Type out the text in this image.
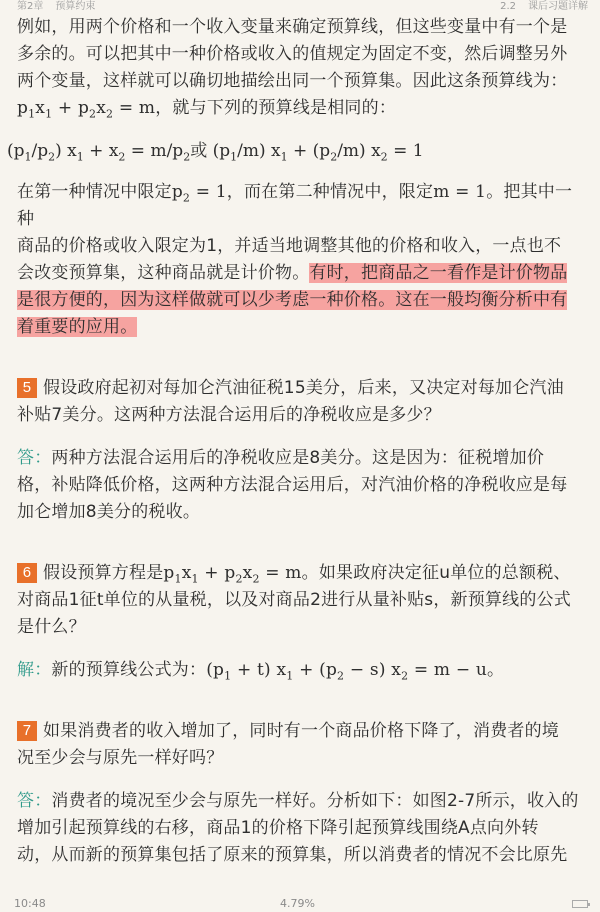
第2章 预算约束	2.2 课后习题详解

例如，用两个价格和一个收入变量来确定预算线，但这些变量中有一个是

多余的。可以把其中一种价格或收入的值规定为固定不变，然后调整另外

两个变量，这样就可以确切地描绘出同一个预算集。因此这条预算线为：

$p_1x_1 + p_2x_2 = m$，就与下列的预算线是相同的：

$(p_1/p_2) x_1 + x_2 = m/p_2$或 $(p_1/m) x_1 + (p_2/m) x_2 = 1$

在第一种情况中限定$p_2 = 1$，而在第二种情况中，限定m = 1。把其中一种

商品的价格或收入限定为1，并适当地调整其他的价格和收入，一点也不

会改变预算集，这种商品就是计价物。有时，把商品之一看作是计价物品

是很方便的，因为这样做就可以少考虑一种价格。这在一般均衡分析中有

着重要的应用。

5 假设政府起初对每加仑汽油征税15美分，后来，又决定对每加仑汽油

补贴7美分。这两种方法混合运用后的净税收应是多少？

答：两种方法混合运用后的净税收应是8美分。这是因为：征税增加价

格，补贴降低价格，这两种方法混合运用后，对汽油价格的净税收应是每

加仑增加8美分的税收。

6 假设预算方程是$p_1x_1 + p_2x_2 = m$。如果政府决定征u单位的总额税、

对商品1征t单位的从量税，以及对商品2进行从量补贴s，新预算线的公式

是什么？

解：新的预算线公式为：$(p_1 + t) x_1 + (p_2 - s) x_2 = m - u$。

7 如果消费者的收入增加了，同时有一个商品价格下降了，消费者的境

况至少会与原先一样好吗？

答：消费者的境况至少会与原先一样好。分析如下：如图2-7所示，收入的

增加引起预算线的右移，商品1的价格下降引起预算线围绕A点向外转

动，从而新的预算集包括了原来的预算集，所以消费者的情况不会比原先

10:48	4.79%
